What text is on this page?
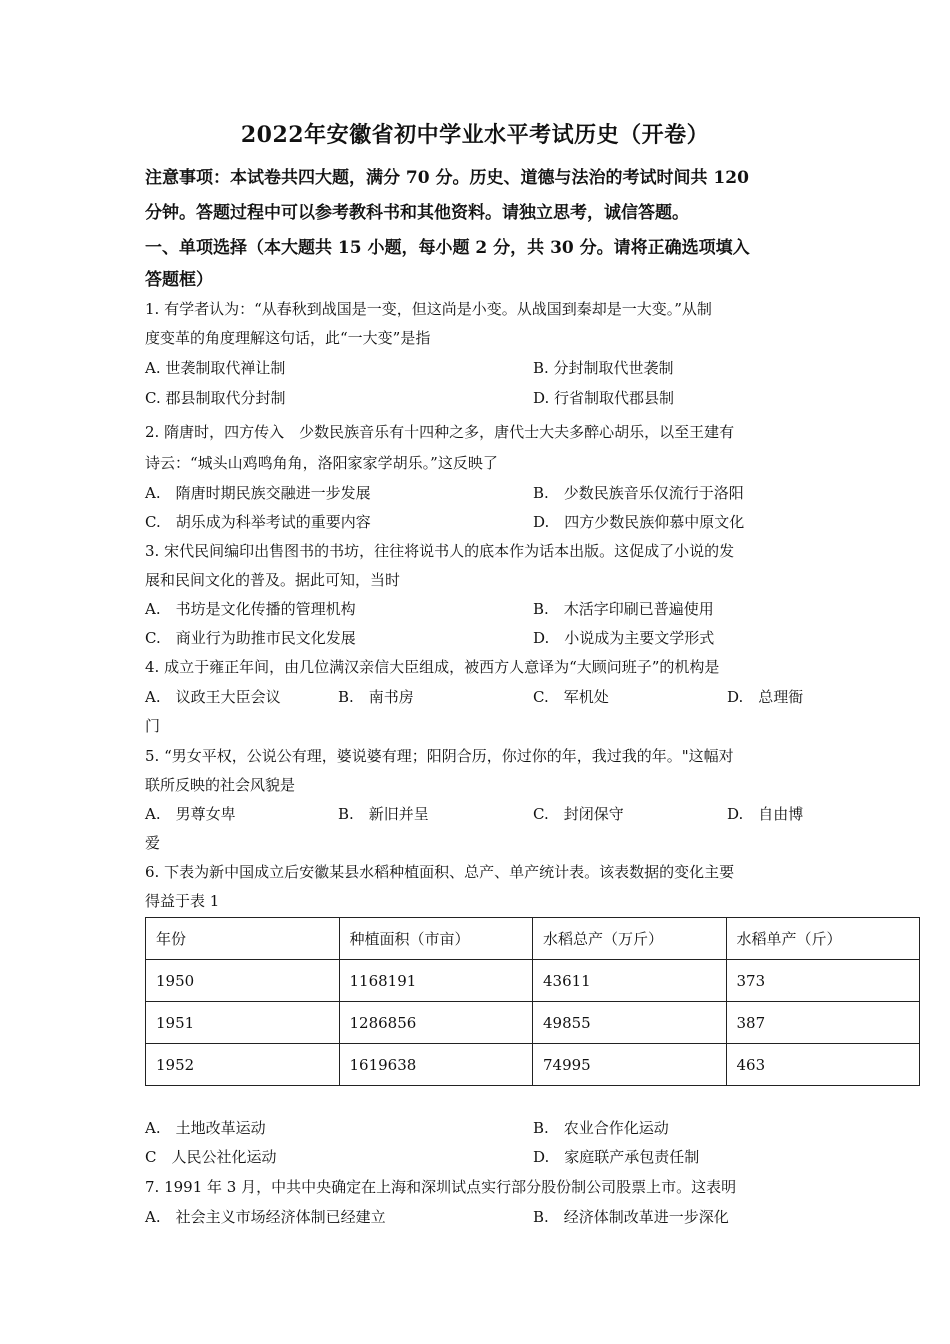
2022年安徽省初中学业水平考试历史（开卷）
注意事项：本试卷共四大题，满分 70 分。历史、道德与法治的考试时间共 120
分钟。答题过程中可以参考教科书和其他资料。请独立思考，诚信答题。
一、单项选择（本大题共 15 小题，每小题 2 分，共 30 分。请将正确选项填入
答题框）
1. 有学者认为：“从春秋到战国是一变，但这尚是小变。从战国到秦却是一大变。”从制
度变革的角度理解这句话，此“一大变”是指
A. 世袭制取代禅让制	B. 分封制取代世袭制
C. 郡县制取代分封制	D. 行省制取代郡县制
2. 隋唐时，四方传入　少数民族音乐有十四种之多，唐代士大夫多醉心胡乐，以至王建有
诗云：“城头山鸡鸣角角，洛阳家家学胡乐。”这反映了
A.　隋唐时期民族交融进一步发展	B.　少数民族音乐仅流行于洛阳
C.　胡乐成为科举考试的重要内容	D.　四方少数民族仰慕中原文化
3. 宋代民间编印出售图书的书坊，往往将说书人的底本作为话本出版。这促成了小说的发
展和民间文化的普及。据此可知，当时
A.　书坊是文化传播的管理机构	B.　木活字印刷已普遍使用
C.　商业行为助推市民文化发展	D.　小说成为主要文学形式
4. 成立于雍正年间，由几位满汉亲信大臣组成，被西方人意译为“大顾问班子”的机构是
A.　议政王大臣会议	B.　南书房	C.　军机处	D.　总理衙
门
5. “男女平权，公说公有理，婆说婆有理；阳阴合历，你过你的年，我过我的年。"这幅对
联所反映的社会风貌是
A.　男尊女卑	B.　新旧并呈	C.　封闭保守	D.　自由博
爱
6. 下表为新中国成立后安徽某县水稻种植面积、总产、单产统计表。该表数据的变化主要
得益于表 1
年份	种植面积（市亩）	水稻总产（万斤）	水稻单产（斤）
1950	1168191	43611	373
1951	1286856	49855	387
1952	1619638	74995	463
A.　土地改革运动	B.　农业合作化运动
C　人民公社化运动	D.　家庭联产承包责任制
7. 1991 年 3 月，中共中央确定在上海和深圳试点实行部分股份制公司股票上市。这表明
A.　社会主义市场经济体制已经建立	B.　经济体制改革进一步深化
